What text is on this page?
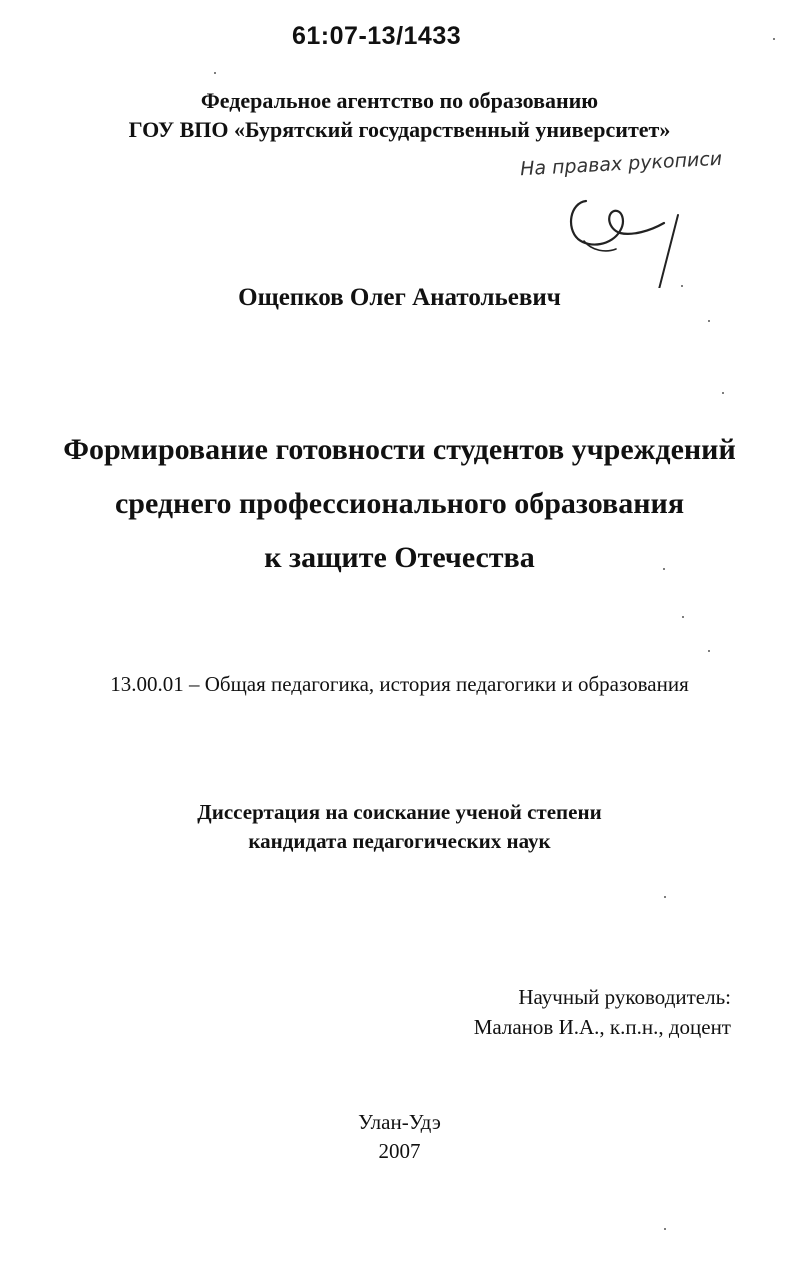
61:07-13/1433
Федеральное агентство по образованию
ГОУ ВПО «Бурятский государственный университет»
На правах рукописи
Ощепков Олег Анатольевич
Формирование готовности студентов учреждений
среднего профессионального образования
к защите Отечества
13.00.01 – Общая педагогика, история педагогики и образования
Диссертация на соискание ученой степени
кандидата педагогических наук
Научный руководитель:
Маланов И.А., к.п.н., доцент
Улан-Удэ
2007
